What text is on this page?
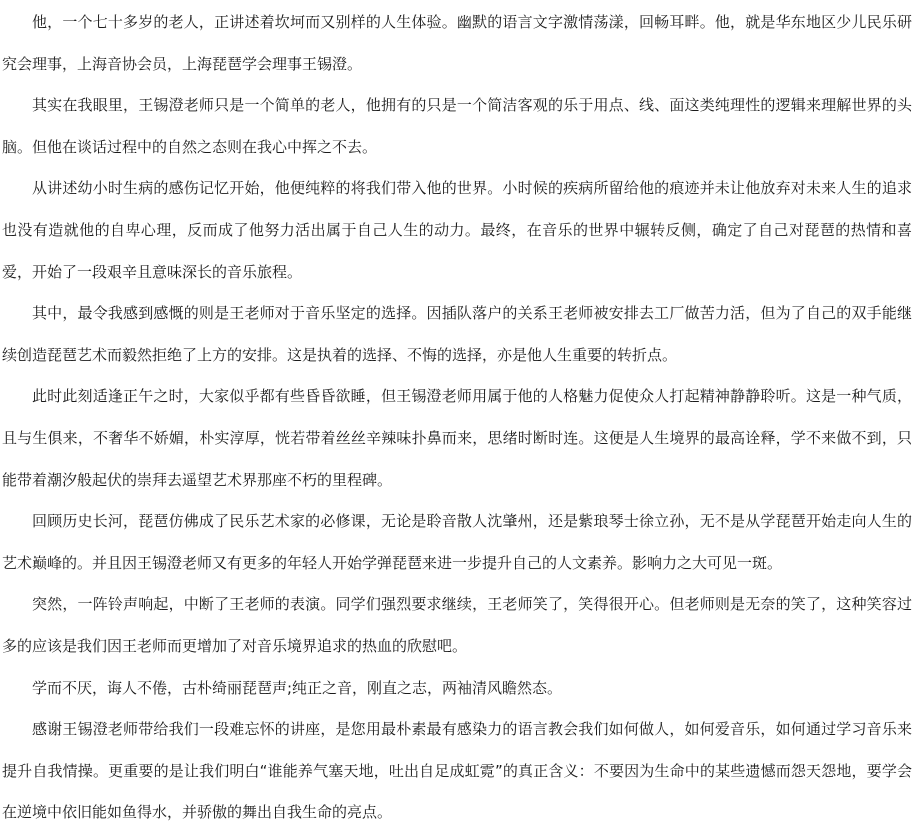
他，一个七十多岁的老人，正讲述着坎坷而又别样的人生体验。幽默的语言文字激情荡漾，回畅耳畔。他，就是华东地区少儿民乐研究会理事，上海音协会员，上海琵琶学会理事王锡澄。

其实在我眼里，王锡澄老师只是一个简单的老人，他拥有的只是一个简洁客观的乐于用点、线、面这类纯理性的逻辑来理解世界的头脑。但他在谈话过程中的自然之态则在我心中挥之不去。

从讲述幼小时生病的感伤记忆开始，他便纯粹的将我们带入他的世界。小时候的疾病所留给他的痕迹并未让他放弃对未来人生的追求也没有造就他的自卑心理，反而成了他努力活出属于自己人生的动力。最终，在音乐的世界中辗转反侧，确定了自己对琵琶的热情和喜爱，开始了一段艰辛且意味深长的音乐旅程。

其中，最令我感到感慨的则是王老师对于音乐坚定的选择。因插队落户的关系王老师被安排去工厂做苦力活，但为了自己的双手能继续创造琵琶艺术而毅然拒绝了上方的安排。这是执着的选择、不悔的选择，亦是他人生重要的转折点。

此时此刻适逢正午之时，大家似乎都有些昏昏欲睡，但王锡澄老师用属于他的人格魅力促使众人打起精神静静聆听。这是一种气质，且与生俱来，不奢华不娇媚，朴实淳厚，恍若带着丝丝辛辣味扑鼻而来，思绪时断时连。这便是人生境界的最高诠释，学不来做不到，只能带着潮汐般起伏的崇拜去遥望艺术界那座不朽的里程碑。

回顾历史长河，琵琶仿佛成了民乐艺术家的必修课，无论是聆音散人沈肇州，还是紫琅琴士徐立孙，无不是从学琵琶开始走向人生的艺术巅峰的。并且因王锡澄老师又有更多的年轻人开始学弹琵琶来进一步提升自己的人文素养。影响力之大可见一斑。

突然，一阵铃声响起，中断了王老师的表演。同学们强烈要求继续，王老师笑了，笑得很开心。但老师则是无奈的笑了，这种笑容过多的应该是我们因王老师而更增加了对音乐境界追求的热血的欣慰吧。

学而不厌，诲人不倦，古朴绮丽琵琶声;纯正之音，刚直之志，两袖清风瞻然态。

感谢王锡澄老师带给我们一段难忘怀的讲座，是您用最朴素最有感染力的语言教会我们如何做人，如何爱音乐，如何通过学习音乐来提升自我情操。更重要的是让我们明白“谁能养气塞天地，吐出自足成虹霓”的真正含义：不要因为生命中的某些遗憾而怨天怨地，要学会在逆境中依旧能如鱼得水，并骄傲的舞出自我生命的亮点。
